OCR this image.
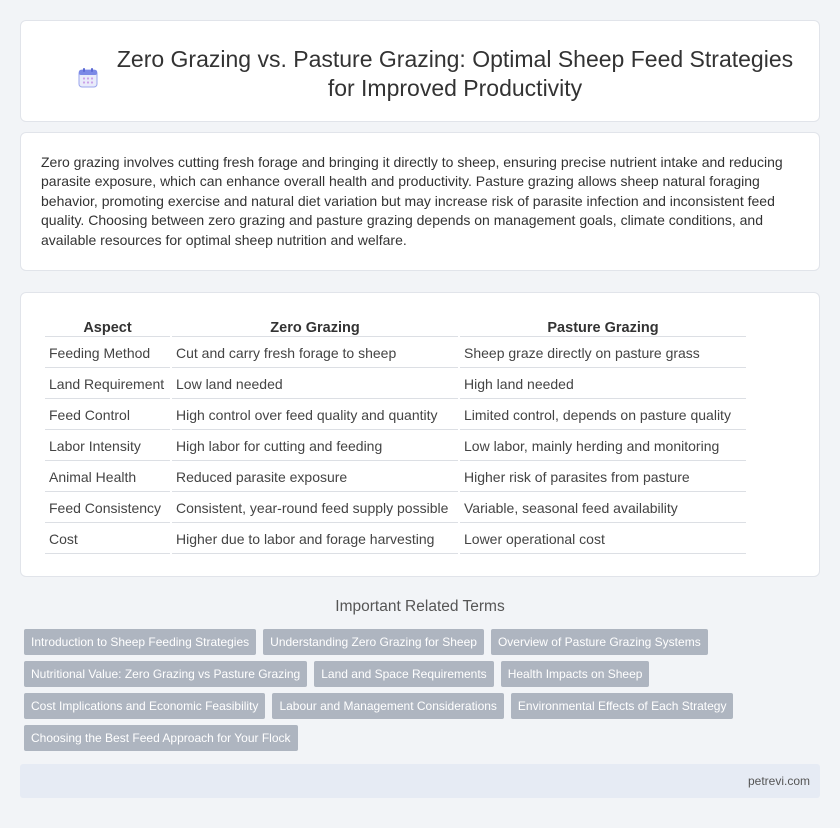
Zero Grazing vs. Pasture Grazing: Optimal Sheep Feed Strategies for Improved Productivity

Zero grazing involves cutting fresh forage and bringing it directly to sheep, ensuring precise nutrient intake and reducing parasite exposure, which can enhance overall health and productivity. Pasture grazing allows sheep natural foraging behavior, promoting exercise and natural diet variation but may increase risk of parasite infection and inconsistent feed quality. Choosing between zero grazing and pasture grazing depends on management goals, climate conditions, and available resources for optimal sheep nutrition and welfare.

Aspect	Zero Grazing	Pasture Grazing
Feeding Method	Cut and carry fresh forage to sheep	Sheep graze directly on pasture grass
Land Requirement	Low land needed	High land needed
Feed Control	High control over feed quality and quantity	Limited control, depends on pasture quality
Labor Intensity	High labor for cutting and feeding	Low labor, mainly herding and monitoring
Animal Health	Reduced parasite exposure	Higher risk of parasites from pasture
Feed Consistency	Consistent, year-round feed supply possible	Variable, seasonal feed availability
Cost	Higher due to labor and forage harvesting	Lower operational cost
Important Related Terms
Introduction to Sheep Feeding Strategies	Understanding Zero Grazing for Sheep	Overview of Pasture Grazing Systems
Nutritional Value: Zero Grazing vs Pasture Grazing	Land and Space Requirements	Health Impacts on Sheep
Cost Implications and Economic Feasibility	Labour and Management Considerations	Environmental Effects of Each Strategy
Choosing the Best Feed Approach for Your Flock
petrevi.com
